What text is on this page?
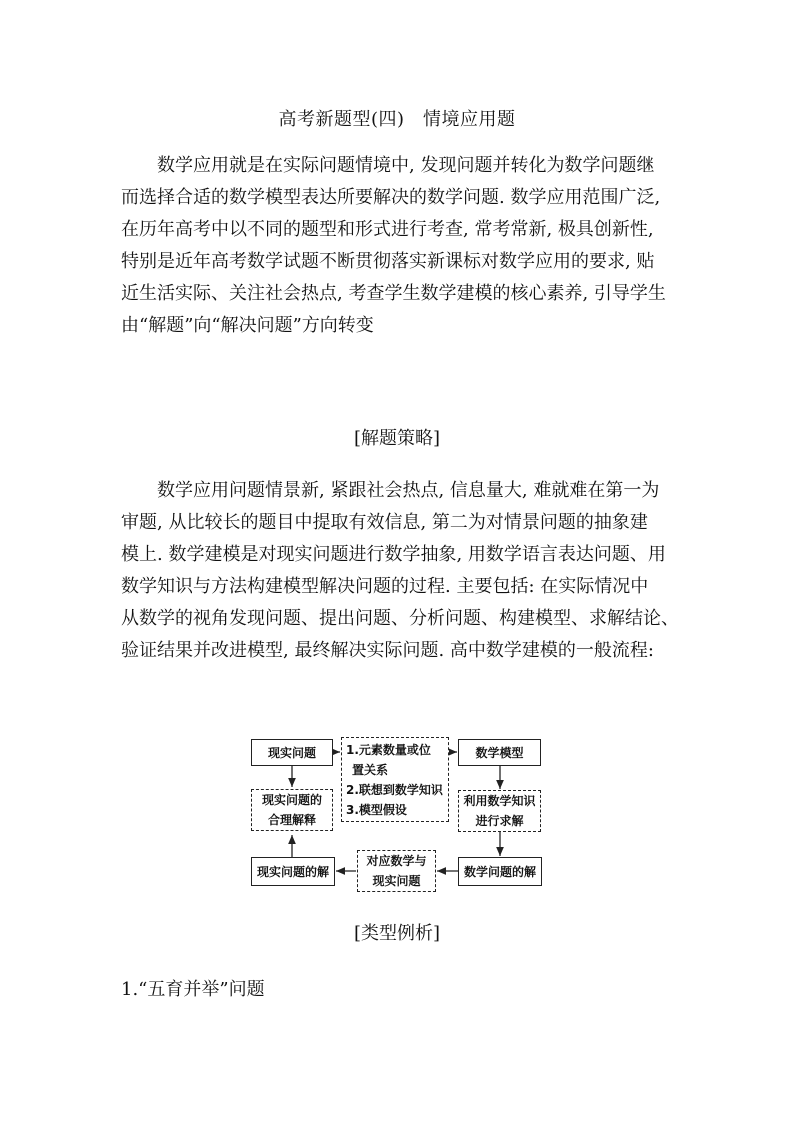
高考新题型(四)　情境应用题
数学应用就是在实际问题情境中, 发现问题并转化为数学问题继
而选择合适的数学模型表达所要解决的数学问题. 数学应用范围广泛,
在历年高考中以不同的题型和形式进行考查, 常考常新, 极具创新性,
特别是近年高考数学试题不断贯彻落实新课标对数学应用的要求, 贴
近生活实际、关注社会热点, 考查学生数学建模的核心素养, 引导学生
由“解题”向“解决问题”方向转变
[解题策略]
数学应用问题情景新, 紧跟社会热点, 信息量大, 难就难在第一为
审题, 从比较长的题目中提取有效信息, 第二为对情景问题的抽象建
模上. 数学建模是对现实问题进行数学抽象, 用数学语言表达问题、用
数学知识与方法构建模型解决问题的过程. 主要包括: 在实际情况中
从数学的视角发现问题、提出问题、分析问题、构建模型、求解结论、
验证结果并改进模型, 最终解决实际问题. 高中数学建模的一般流程:
现实问题	1.元素数量或位
置关系
2.联想到数学知识
3.模型假设
数学模型
现实问题的
合理解释
利用数学知识
进行求解
现实问题的解
对应数学与
现实问题
数学问题的解
[类型例析]
1.“五育并举”问题
